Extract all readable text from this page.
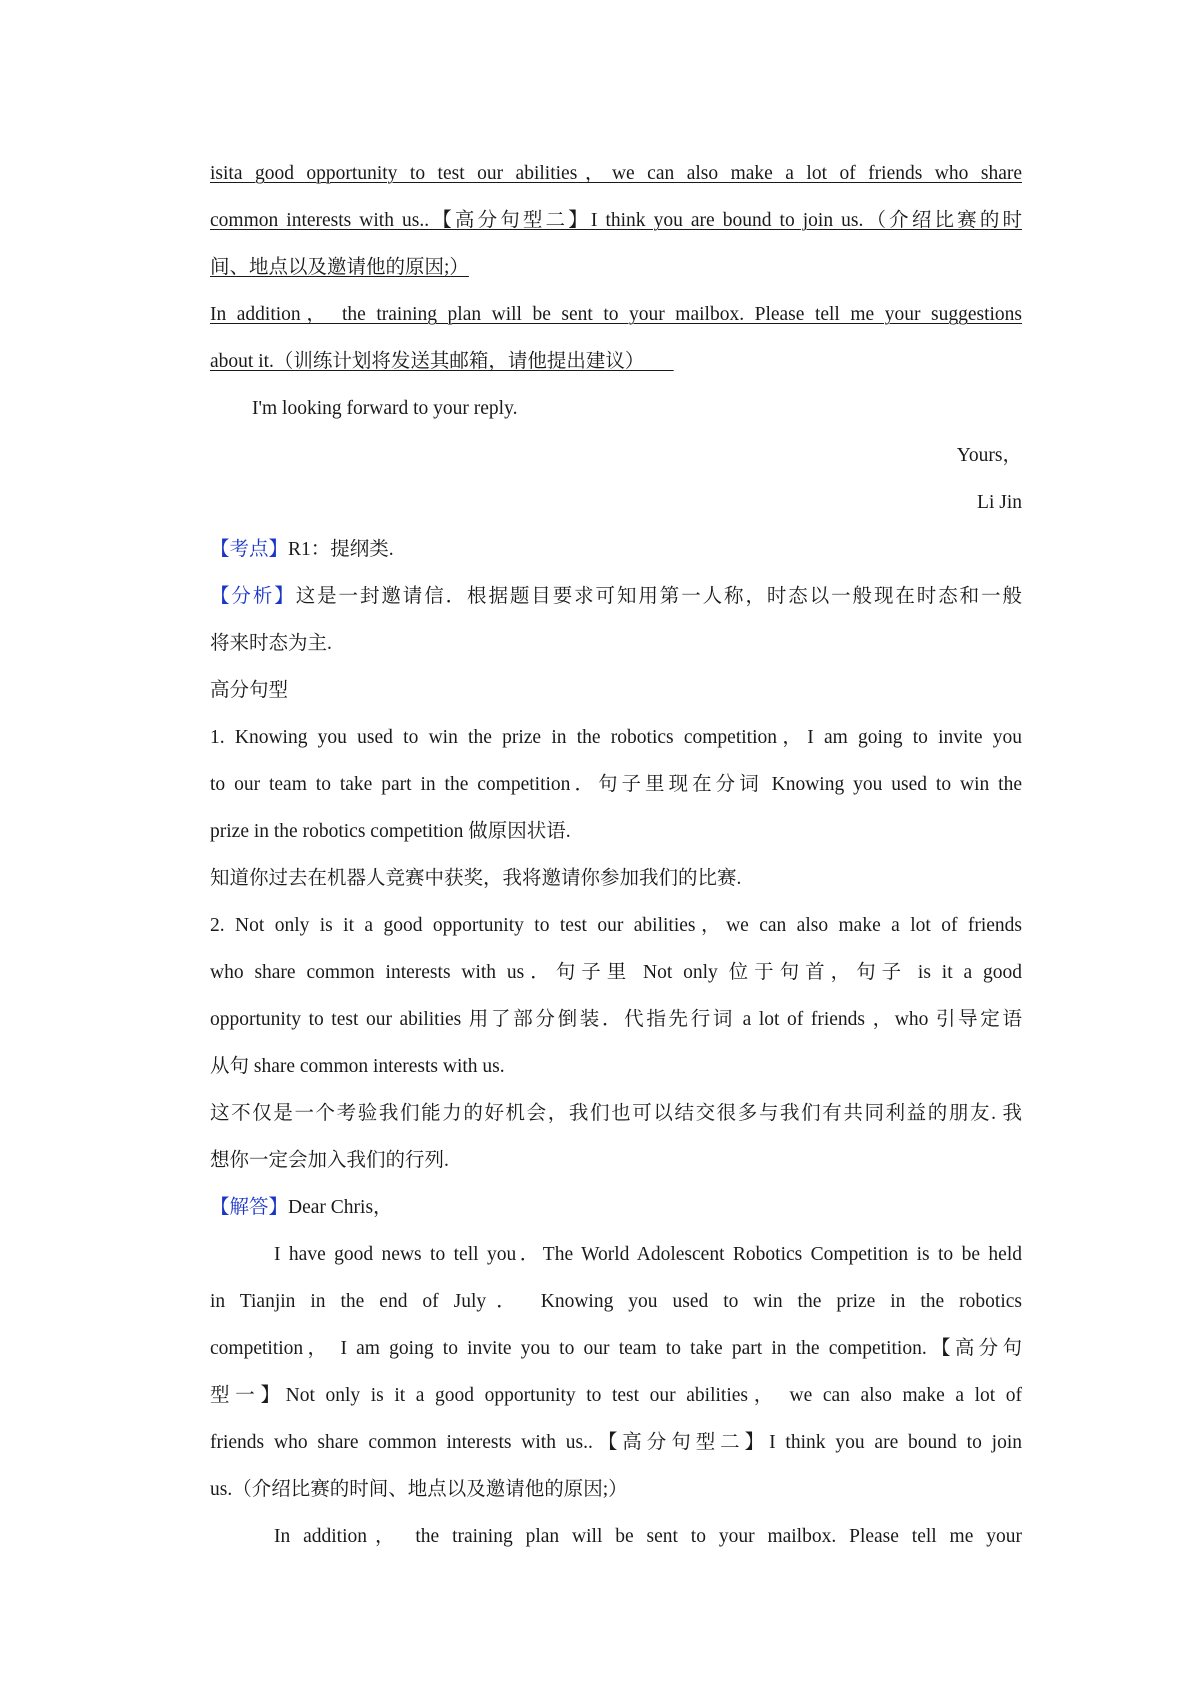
isita good opportunity to test our abilities，we can also make a lot of friends who share
common interests with us..【高分句型二】I think you are bound to join us.（介绍比赛的时
间、地点以及邀请他的原因;）
In addition， the training plan will be sent to your mailbox. Please tell me your suggestions
about it.（训练计划将发送其邮箱，请他提出建议）
I'm looking forward to your reply.
Yours，
Li Jin
【考点】R1：提纲类.
【分析】这是一封邀请信．根据题目要求可知用第一人称，时态以一般现在时态和一般
将来时态为主.
高分句型
1. Knowing you used to win the prize in the robotics competition，I am going to invite you
to our team to take part in the competition．句子里现在分词 Knowing you used to win the
prize in the robotics competition 做原因状语.
知道你过去在机器人竞赛中获奖，我将邀请你参加我们的比赛.
2. Not only is it a good opportunity to test our abilities，we can also make a lot of friends
who share common interests with us．句子里 Not only 位于句首，句子 is it a good
opportunity to test our abilities 用了部分倒装．代指先行词 a lot of friends ，who 引导定语
从句 share common interests with us.
这不仅是一个考验我们能力的好机会，我们也可以结交很多与我们有共同利益的朋友. 我
想你一定会加入我们的行列.
【解答】Dear Chris，
I have good news to tell you．The World Adolescent Robotics Competition is to be held
in Tianjin in the end of July． Knowing you used to win the prize in the robotics
competition， I am going to invite you to our team to take part in the competition.【高分句
型一】Not only is it a good opportunity to test our abilities， we can also make a lot of
friends who share common interests with us..【高分句型二】I think you are bound to join
us.（介绍比赛的时间、地点以及邀请他的原因;）
In addition， the training plan will be sent to your mailbox. Please tell me your
